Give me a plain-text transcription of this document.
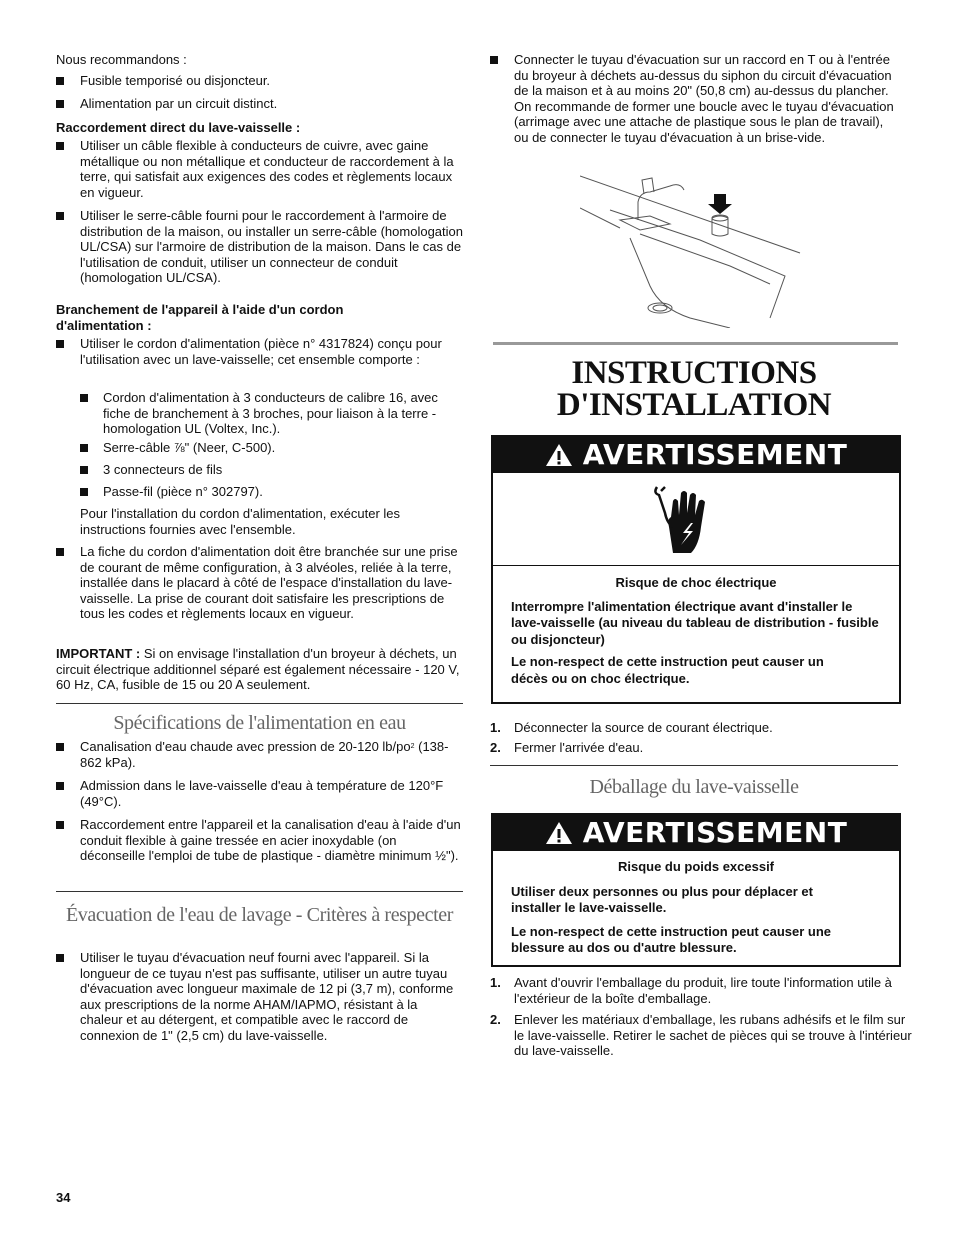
Nous recommandons :

Fusible temporisé ou disjoncteur.
Alimentation par un circuit distinct.

Raccordement direct du lave-vaisselle :

Utiliser un câble flexible à conducteurs de cuivre, avec gaine métallique ou non métallique et conducteur de raccordement à la terre, qui satisfait aux exigences des codes et règlements locaux en vigueur.
Utiliser le serre-câble fourni pour le raccordement à l'armoire de distribution de la maison, ou installer un serre-câble (homologation UL/CSA) sur l'armoire de distribution de la maison. Dans le cas de l'utilisation de conduit, utiliser un connecteur de conduit (homologation UL/CSA).

Branchement de l'appareil à l'aide d'un cordon d'alimentation :

Utiliser le cordon d'alimentation (pièce n° 4317824) conçu pour l'utilisation avec un lave-vaisselle; cet ensemble comporte :
Cordon d'alimentation à 3 conducteurs de calibre 16, avec fiche de branchement à 3 broches, pour liaison à la terre - homologation UL (Voltex, Inc.).
Serre-câble ⅞" (Neer, C-500).
3 connecteurs de fils
Passe-fil (pièce n° 302797).

Pour l'installation du cordon d'alimentation, exécuter les instructions fournies avec l'ensemble.

La fiche du cordon d'alimentation doit être branchée sur une prise de courant de même configuration, à 3 alvéoles, reliée à la terre, installée dans le placard à côté de l'espace d'installation du lave-vaisselle. La prise de courant doit satisfaire les prescriptions de tous les codes et règlements locaux en vigueur.

IMPORTANT : Si on envisage l'installation d'un broyeur à déchets, un circuit électrique additionnel séparé est également nécessaire - 120 V, 60 Hz, CA, fusible de 15 ou 20 A seulement.

Spécifications de l'alimentation en eau
Canalisation d'eau chaude avec pression de 20-120 $lb/po^2$ (138-862 kPa).
Admission dans le lave-vaisselle d'eau à température de 120°F (49°C).
Raccordement entre l'appareil et la canalisation d'eau à l'aide d'un conduit flexible à gaine tressée en acier inoxydable (on déconseille l'emploi de tube de plastique - diamètre minimum ½").
Évacuation de l'eau de lavage - Critères à respecter
Utiliser le tuyau d'évacuation neuf fourni avec l'appareil. Si la longueur de ce tuyau n'est pas suffisante, utiliser un autre tuyau d'évacuation avec longueur maximale de 12 pi (3,7 m), conforme aux prescriptions de la norme AHAM/IAPMO, résistant à la chaleur et au détergent, et compatible avec le raccord de connexion de 1" (2,5 cm) du lave-vaisselle.

34

Connecter le tuyau d'évacuation sur un raccord en T ou à l'entrée du broyeur à déchets au-dessus du siphon du circuit d'évacuation de la maison et à au moins 20" (50,8 cm) au-dessus du plancher. On recommande de former une boucle avec le tuyau d'évacuation (arrimage avec une attache de plastique sous le plan de travail), ou de connecter le tuyau d'évacuation à un brise-vide.
INSTRUCTIONS
D'INSTALLATION
AVERTISSEMENT

Risque de choc électrique

Interrompre l'alimentation électrique avant d'installer le lave-vaisselle (au niveau du tableau de distribution - fusible ou disjoncteur)

Le non-respect de cette instruction peut causer un décès ou on choc électrique.

1. Déconnecter la source de courant électrique.
2. Fermer l'arrivée d'eau.
Déballage du lave-vaisselle
AVERTISSEMENT

Risque du poids excessif

Utiliser deux personnes ou plus pour déplacer et installer le lave-vaisselle.

Le non-respect de cette instruction peut causer une blessure au dos ou d'autre blessure.

1. Avant d'ouvrir l'emballage du produit, lire toute l'information utile à l'extérieur de la boîte d'emballage.
2. Enlever les matériaux d'emballage, les rubans adhésifs et le film sur le lave-vaisselle. Retirer le sachet de pièces qui se trouve à l'intérieur du lave-vaisselle.
